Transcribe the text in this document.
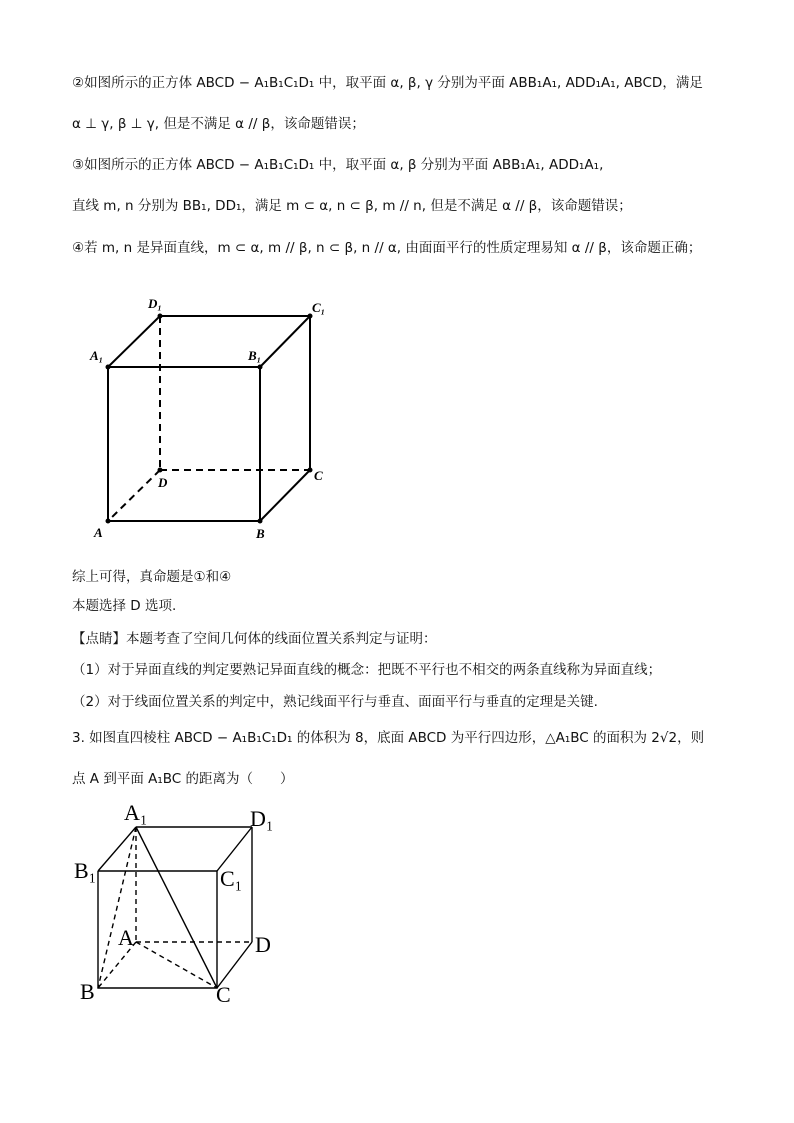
②如图所示的正方体 ABCD − A₁B₁C₁D₁ 中，取平面 α, β, γ 分别为平面 ABB₁A₁, ADD₁A₁, ABCD，满足
α ⊥ γ, β ⊥ γ, 但是不满足 α // β，该命题错误；
③如图所示的正方体 ABCD − A₁B₁C₁D₁ 中，取平面 α, β 分别为平面 ABB₁A₁, ADD₁A₁,
直线 m, n 分别为 BB₁, DD₁，满足 m ⊂ α, n ⊂ β, m // n, 但是不满足 α // β，该命题错误；
④若 m, n 是异面直线，m ⊂ α, m // β, n ⊂ β, n // α, 由面面平行的性质定理易知 α // β，该命题正确；
D₁	C₁
A₁	B₁
D	C
A	B
综上可得，真命题是①和④
本题选择 D 选项.
【点睛】本题考查了空间几何体的线面位置关系判定与证明：
（1）对于异面直线的判定要熟记异面直线的概念：把既不平行也不相交的两条直线称为异面直线；
（2）对于线面位置关系的判定中，熟记线面平行与垂直、面面平行与垂直的定理是关键.
3. 如图直四棱柱 ABCD − A₁B₁C₁D₁ 的体积为 8，底面 ABCD 为平行四边形，△A₁BC 的面积为 2√2，则
点 A 到平面 A₁BC 的距离为（　　）
A₁	D₁
B₁	C₁
A	D
B	C
